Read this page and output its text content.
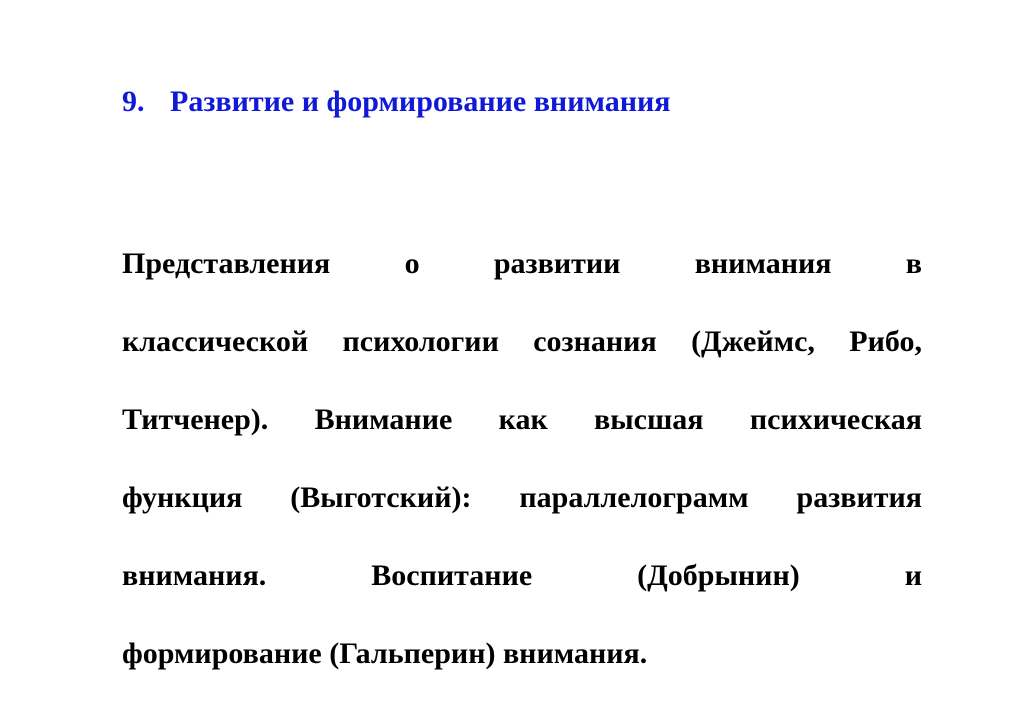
9. Развитие и формирование внимания
Представления о развитии внимания в
классической психологии сознания (Джеймс, Рибо,
Титченер). Внимание как высшая психическая
функция (Выготский): параллелограмм развития
внимания. Воспитание (Добрынин) и
формирование (Гальперин) внимания.
